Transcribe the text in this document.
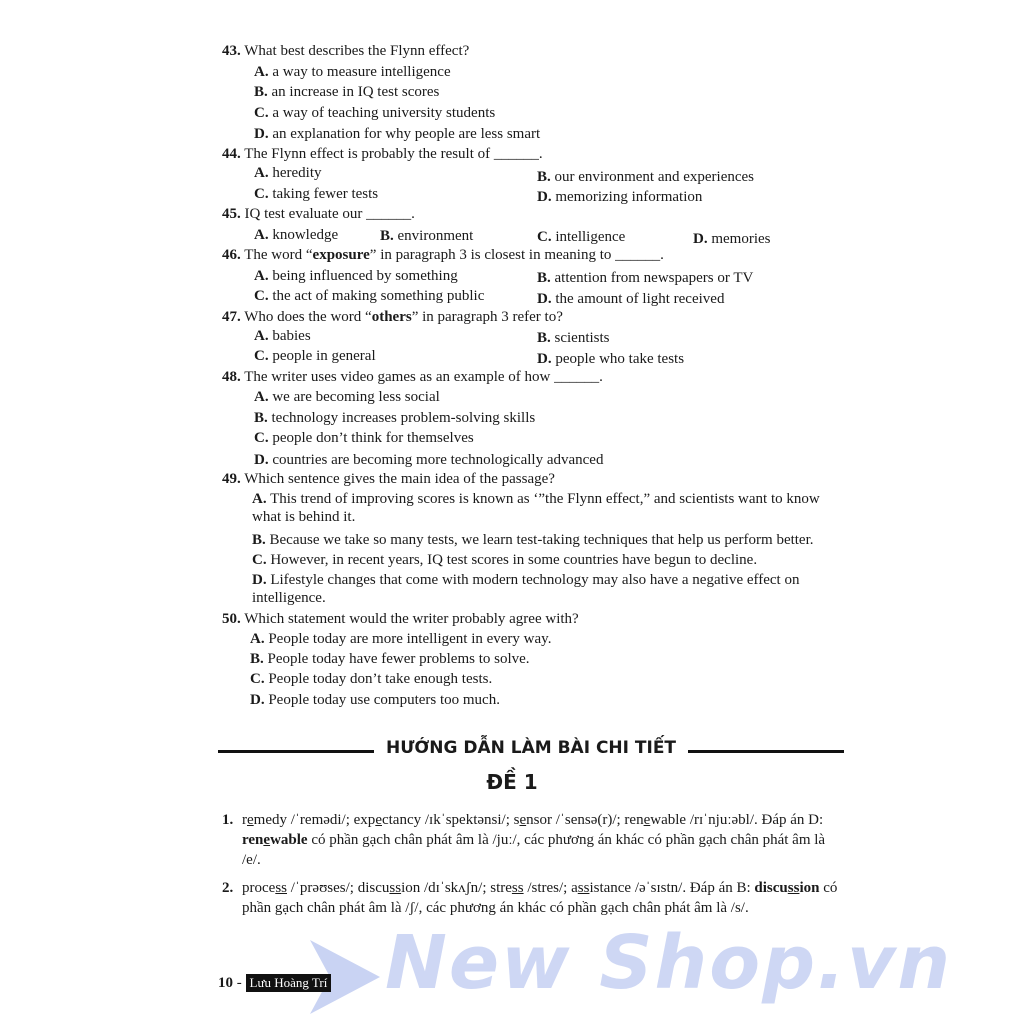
43. What best describes the Flynn effect?
A. a way to measure intelligence
B. an increase in IQ test scores
C. a way of teaching university students
D. an explanation for why people are less smart
44. The Flynn effect is probably the result of ______.
A. heredity	B. our environment and experiences
C. taking fewer tests	D. memorizing information
45. IQ test evaluate our ______.
A. knowledge	B. environment	C. intelligence	D. memories
46. The word “exposure” in paragraph 3 is closest in meaning to ______.
A. being influenced by something	B. attention from newspapers or TV
C. the act of making something public	D. the amount of light received
47. Who does the word “others” in paragraph 3 refer to?
A. babies	B. scientists
C. people in general	D. people who take tests
48. The writer uses video games as an example of how ______.
A. we are becoming less social
B. technology increases problem-solving skills
C. people don’t think for themselves
D. countries are becoming more technologically advanced
49. Which sentence gives the main idea of the passage?
A. This trend of improving scores is known as ‘”the Flynn effect,” and scientists want to know what is behind it.
B. Because we take so many tests, we learn test-taking techniques that help us perform better.
C. However, in recent years, IQ test scores in some countries have begun to decline.
D. Lifestyle changes that come with modern technology may also have a negative effect on intelligence.
50. Which statement would the writer probably agree with?
A. People today are more intelligent in every way.
B. People today have fewer problems to solve.
C. People today don’t take enough tests.
D. People today use computers too much.
HƯỚNG DẪN LÀM BÀI CHI TIẾT
ĐỀ 1
1. remedy /ˈremədi/; expectancy /ɪkˈspektənsi/; sensor /ˈsensə(r)/; renewable /rɪˈnjuːəbl/. Đáp án D: renewable có phần gạch chân phát âm là /juː/, các phương án khác có phần gạch chân phát âm là /e/.
2. process /ˈprəʊses/; discussion /dɪˈskʌʃn/; stress /stres/; assistance /əˈsɪstn/. Đáp án B: discussion có phần gạch chân phát âm là /ʃ/, các phương án khác có phần gạch chân phát âm là /s/.
New Shop.vn
10 - Lưu Hoàng Trí
